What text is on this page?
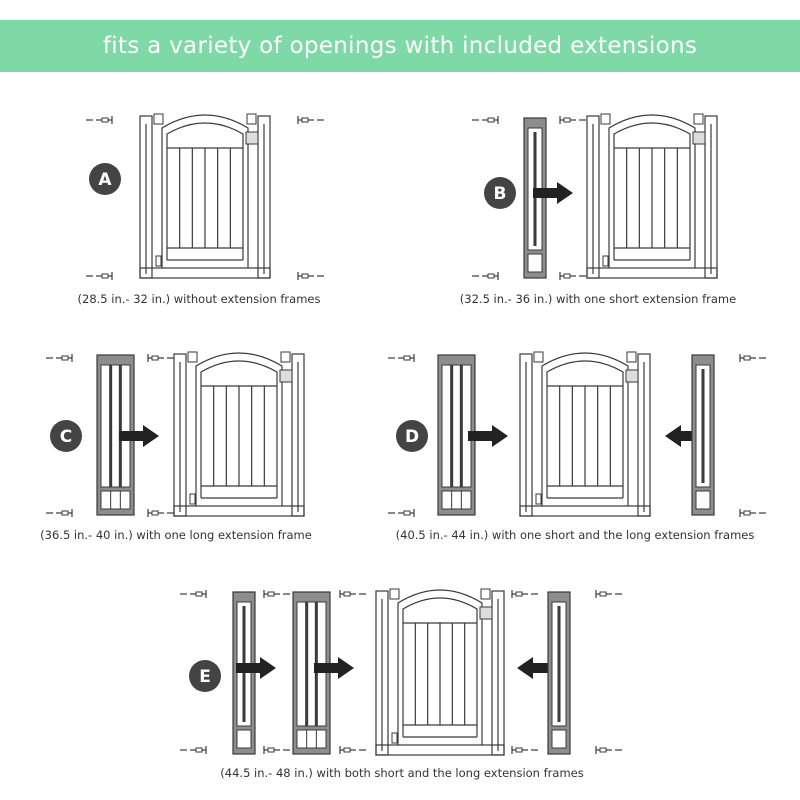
fits a variety of openings with included extensions
A
B
C	D
E
(28.5 in.- 32 in.) without extension frames	(32.5 in.- 36 in.) with one short extension frame
(36.5 in.- 40 in.) with one long extension frame	(40.5 in.- 44 in.) with one short and the long extension frames
(44.5 in.- 48 in.) with both short and the long extension frames
